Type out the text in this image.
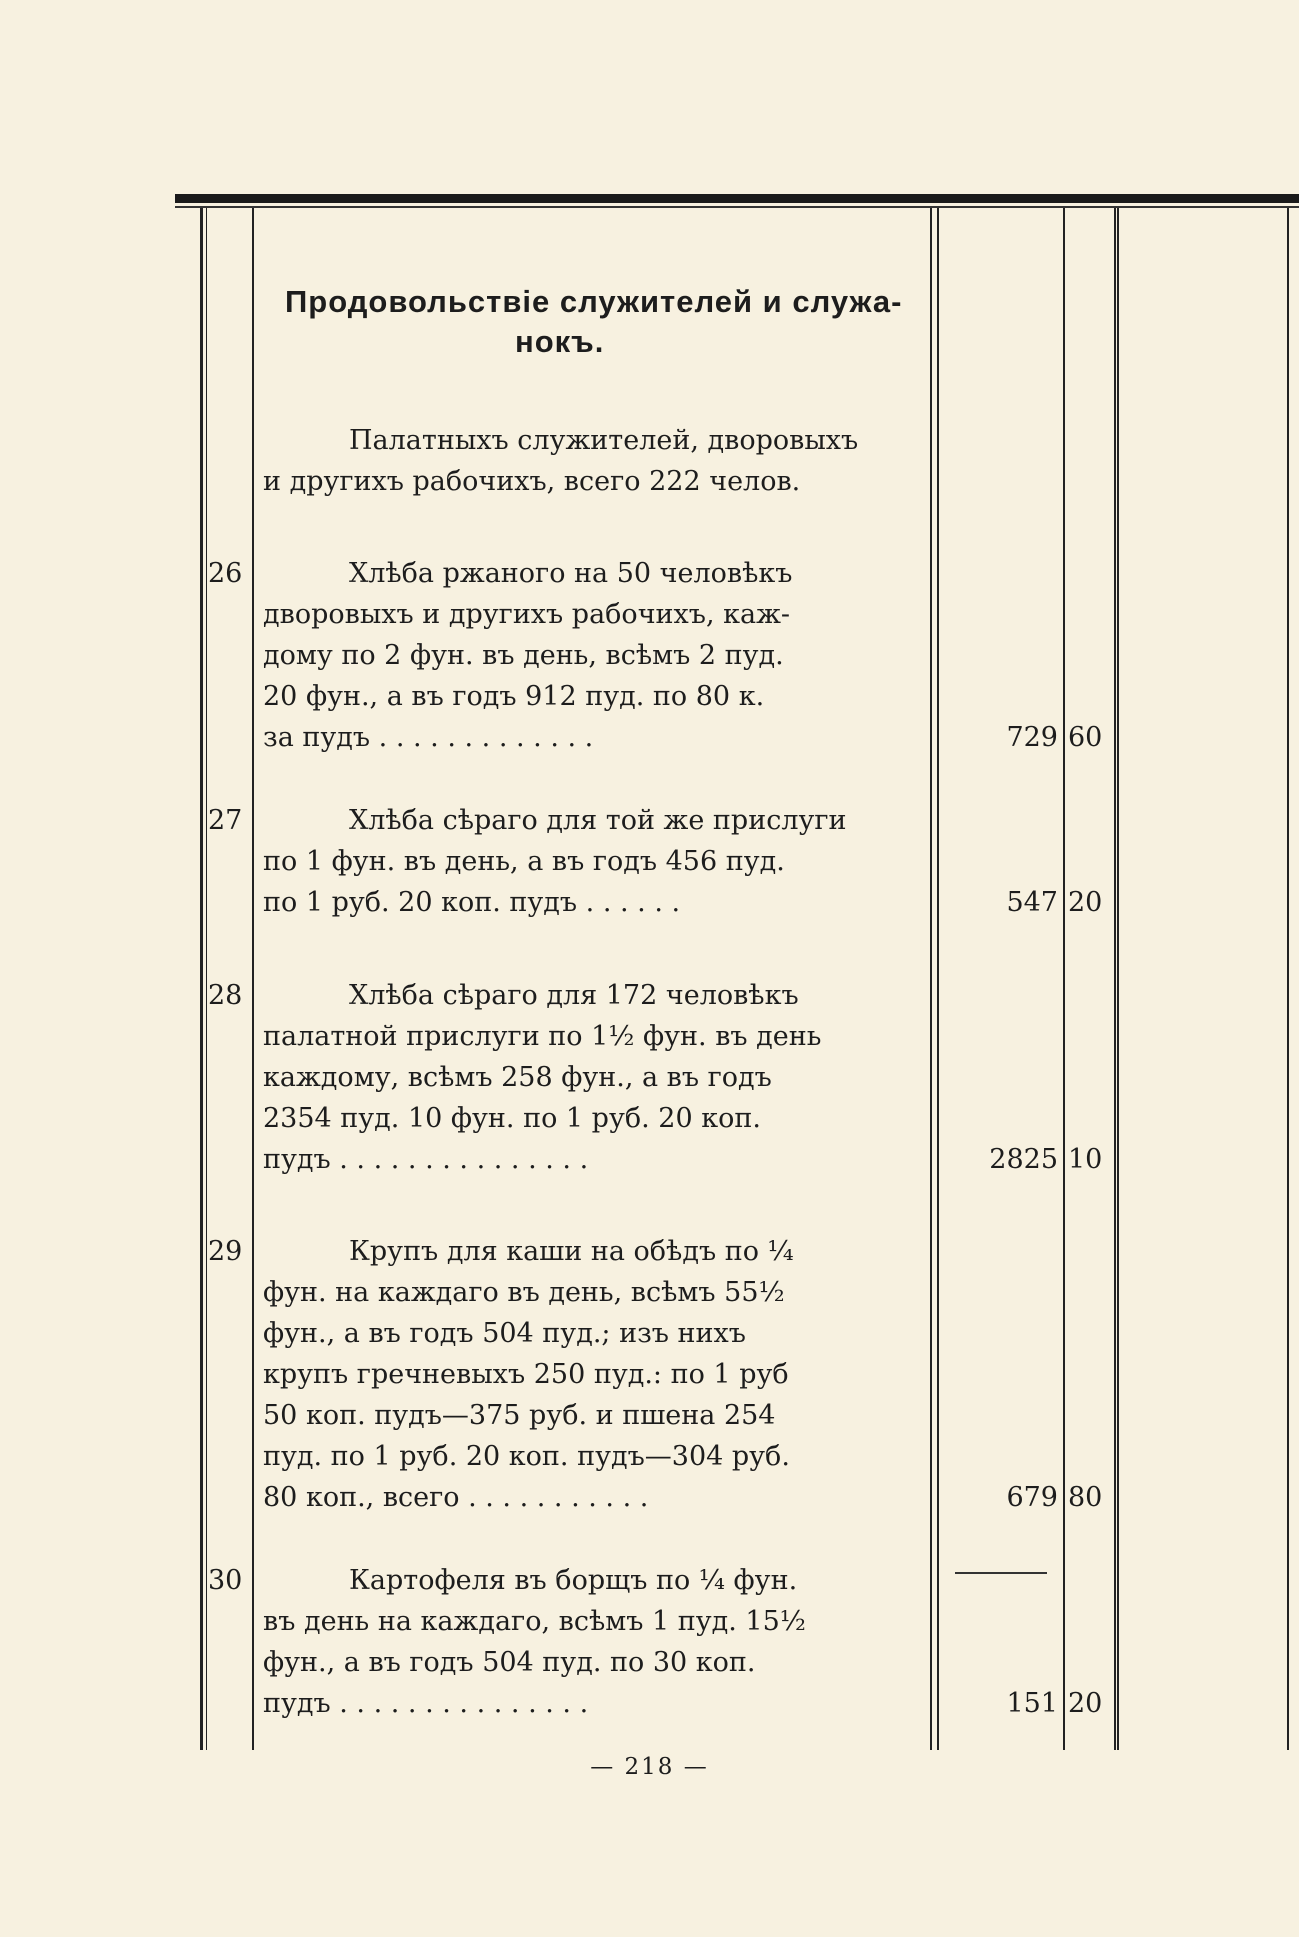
Продовольствіе служителей и служа-
нокъ.
Палатныхъ служителей, дворовыхъ
и другихъ рабочихъ, всего 222 челов.
26	Хлѣба ржаного на 50 человѣкъ
дворовыхъ и другихъ рабочихъ, каж-
дому по 2 фун. въ день, всѣмъ 2 пуд.
20 фун., а въ годъ 912 пуд. по 80 к.
за пудъ . . . . . . . . . . . . .	729 60
27	Хлѣба сѣраго для той же прислуги
по 1 фун. въ день, а въ годъ 456 пуд.
по 1 руб. 20 коп. пудъ . . . . . .	547 20
28	Хлѣба сѣраго для 172 человѣкъ
палатной прислуги по 1½ фун. въ день
каждому, всѣмъ 258 фун., а въ годъ
2354 пуд. 10 фун. по 1 руб. 20 коп.
пудъ . . . . . . . . . . . . . . .	2825 10
29	Крупъ для каши на обѣдъ по ¼
фун. на каждаго въ день, всѣмъ 55½
фун., а въ годъ 504 пуд.; изъ нихъ
крупъ гречневыхъ 250 пуд.: по 1 руб
50 коп. пудъ—375 руб. и пшена 254
пуд. по 1 руб. 20 коп. пудъ—304 руб.
80 коп., всего . . . . . . . . . . .	679 80
30	Картофеля въ борщъ по ¼ фун.
въ день на каждаго, всѣмъ 1 пуд. 15½
фун., а въ годъ 504 пуд. по 30 коп.
пудъ . . . . . . . . . . . . . . .	151 20
— 218 —
